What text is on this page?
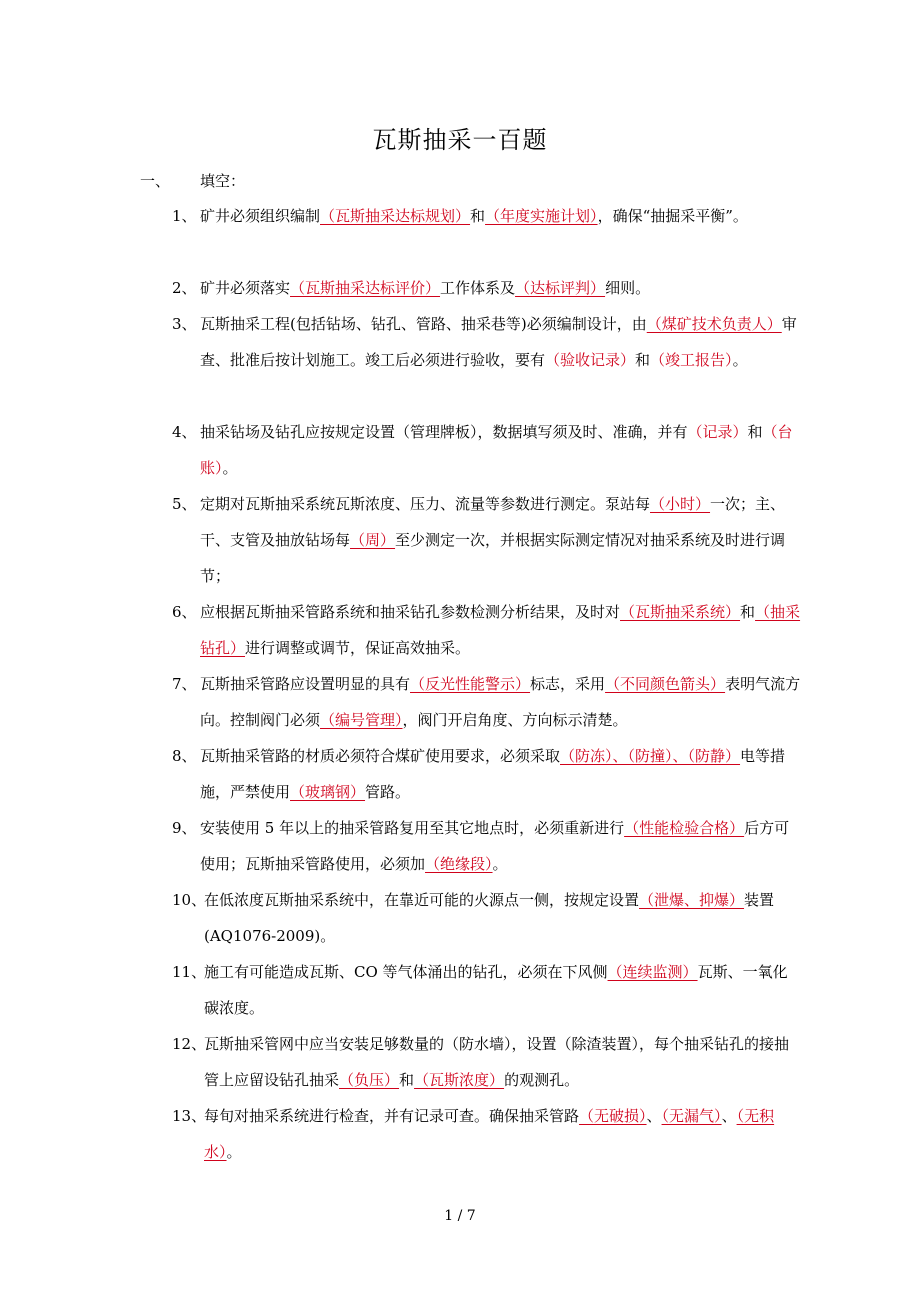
瓦斯抽采一百题
一、 填空：
1、 矿井必须组织编制（瓦斯抽采达标规划）和（年度实施计划），确保“抽掘采平衡”。
2、 矿井必须落实（瓦斯抽采达标评价）工作体系及（达标评判）细则。
3、 瓦斯抽采工程(包括钻场、钻孔、管路、抽采巷等)必须编制设计，由（煤矿技术负责人）审查、批准后按计划施工。竣工后必须进行验收，要有（验收记录）和（竣工报告）。
4、 抽采钻场及钻孔应按规定设置（管理牌板），数据填写须及时、准确，并有（记录）和（台账）。
5、 定期对瓦斯抽采系统瓦斯浓度、压力、流量等参数进行测定。泵站每（小时）一次；主、干、支管及抽放钻场每（周）至少测定一次，并根据实际测定情况对抽采系统及时进行调节；
6、 应根据瓦斯抽采管路系统和抽采钻孔参数检测分析结果，及时对（瓦斯抽采系统）和（抽采钻孔）进行调整或调节，保证高效抽采。
7、 瓦斯抽采管路应设置明显的具有（反光性能警示）标志，采用（不同颜色箭头）表明气流方向。控制阀门必须（编号管理），阀门开启角度、方向标示清楚。
8、 瓦斯抽采管路的材质必须符合煤矿使用要求，必须采取（防冻）、（防撞）、（防静）电等措施，严禁使用（玻璃钢）管路。
9、 安装使用 5 年以上的抽采管路复用至其它地点时，必须重新进行（性能检验合格）后方可使用；瓦斯抽采管路使用，必须加（绝缘段）。
10、
在低浓度瓦斯抽采系统中，在靠近可能的火源点一侧，按规定设置（泄爆、抑爆）装置(AQ1076-2009)。
11、
施工有可能造成瓦斯、CO 等气体涌出的钻孔，必须在下风侧（连续监测）瓦斯、一氧化碳浓度。
12、
瓦斯抽采管网中应当安装足够数量的（防水墙），设置（除渣装置），每个抽采钻孔的接抽管上应留设钻孔抽采（负压）和（瓦斯浓度）的观测孔。
13、
每旬对抽采系统进行检查，并有记录可查。确保抽采管路（无破损）、（无漏气）、（无积水）。
1 / 7
